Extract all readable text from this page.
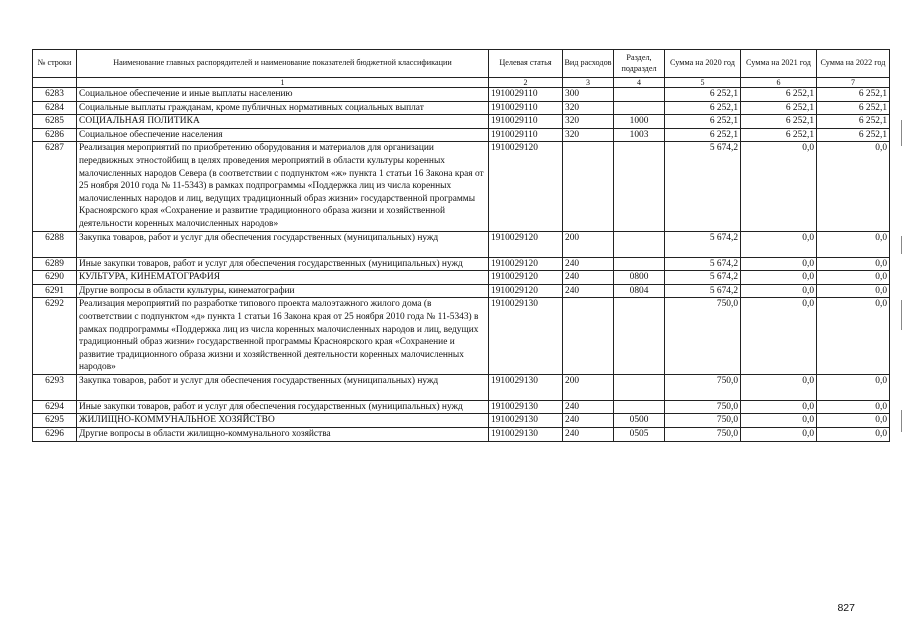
№ строки	Наименование главных распорядителей и наименование показателей бюджетной классификации	Целевая статья	Вид расходов	Раздел, подраздел	Сумма на 2020 год	Сумма на 2021 год	Сумма на 2022 год
	1	2	3	4	5	6	7
6283	Социальное обеспечение и иные выплаты населению	1910029110	300		6 252,1	6 252,1	6 252,1
6284	Социальные выплаты гражданам, кроме публичных нормативных социальных выплат	1910029110	320		6 252,1	6 252,1	6 252,1
6285	СОЦИАЛЬНАЯ ПОЛИТИКА	1910029110	320	1000	6 252,1	6 252,1	6 252,1
6286	Социальное обеспечение населения	1910029110	320	1003	6 252,1	6 252,1	6 252,1
6287	Реализация мероприятий по приобретению оборудования и материалов для организации передвижных этностойбищ в целях проведения мероприятий в области культуры коренных малочисленных народов Севера (в соответствии с подпунктом «ж» пункта 1 статьи 16 Закона края от 25 ноября 2010 года № 11-5343) в рамках подпрограммы «Поддержка лиц из числа коренных малочисленных народов и лиц, ведущих традиционный образ жизни» государственной программы Красноярского края «Сохранение и развитие традиционного образа жизни и хозяйственной деятельности коренных малочисленных народов»	1910029120			5 674,2	0,0	0,0
6288	Закупка товаров, работ и услуг для обеспечения государственных (муниципальных) нужд	1910029120	200		5 674,2	0,0	0,0
6289	Иные закупки товаров, работ и услуг для обеспечения государственных (муниципальных) нужд	1910029120	240		5 674,2	0,0	0,0
6290	КУЛЬТУРА, КИНЕМАТОГРАФИЯ	1910029120	240	0800	5 674,2	0,0	0,0
6291	Другие вопросы в области культуры, кинематографии	1910029120	240	0804	5 674,2	0,0	0,0
6292	Реализация мероприятий по разработке типового проекта малоэтажного жилого дома (в соответствии с подпунктом «д» пункта 1 статьи 16 Закона края от 25 ноября 2010 года № 11-5343) в рамках подпрограммы «Поддержка лиц из числа коренных малочисленных народов и лиц, ведущих традиционный образ жизни» государственной программы Красноярского края «Сохранение и развитие традиционного образа жизни и хозяйственной деятельности коренных малочисленных народов»	1910029130			750,0	0,0	0,0
6293	Закупка товаров, работ и услуг для обеспечения государственных (муниципальных) нужд	1910029130	200		750,0	0,0	0,0
6294	Иные закупки товаров, работ и услуг для обеспечения государственных (муниципальных) нужд	1910029130	240		750,0	0,0	0,0
6295	ЖИЛИЩНО-КОММУНАЛЬНОЕ ХОЗЯЙСТВО	1910029130	240	0500	750,0	0,0	0,0
6296	Другие вопросы в области жилищно-коммунального хозяйства	1910029130	240	0505	750,0	0,0	0,0
827
